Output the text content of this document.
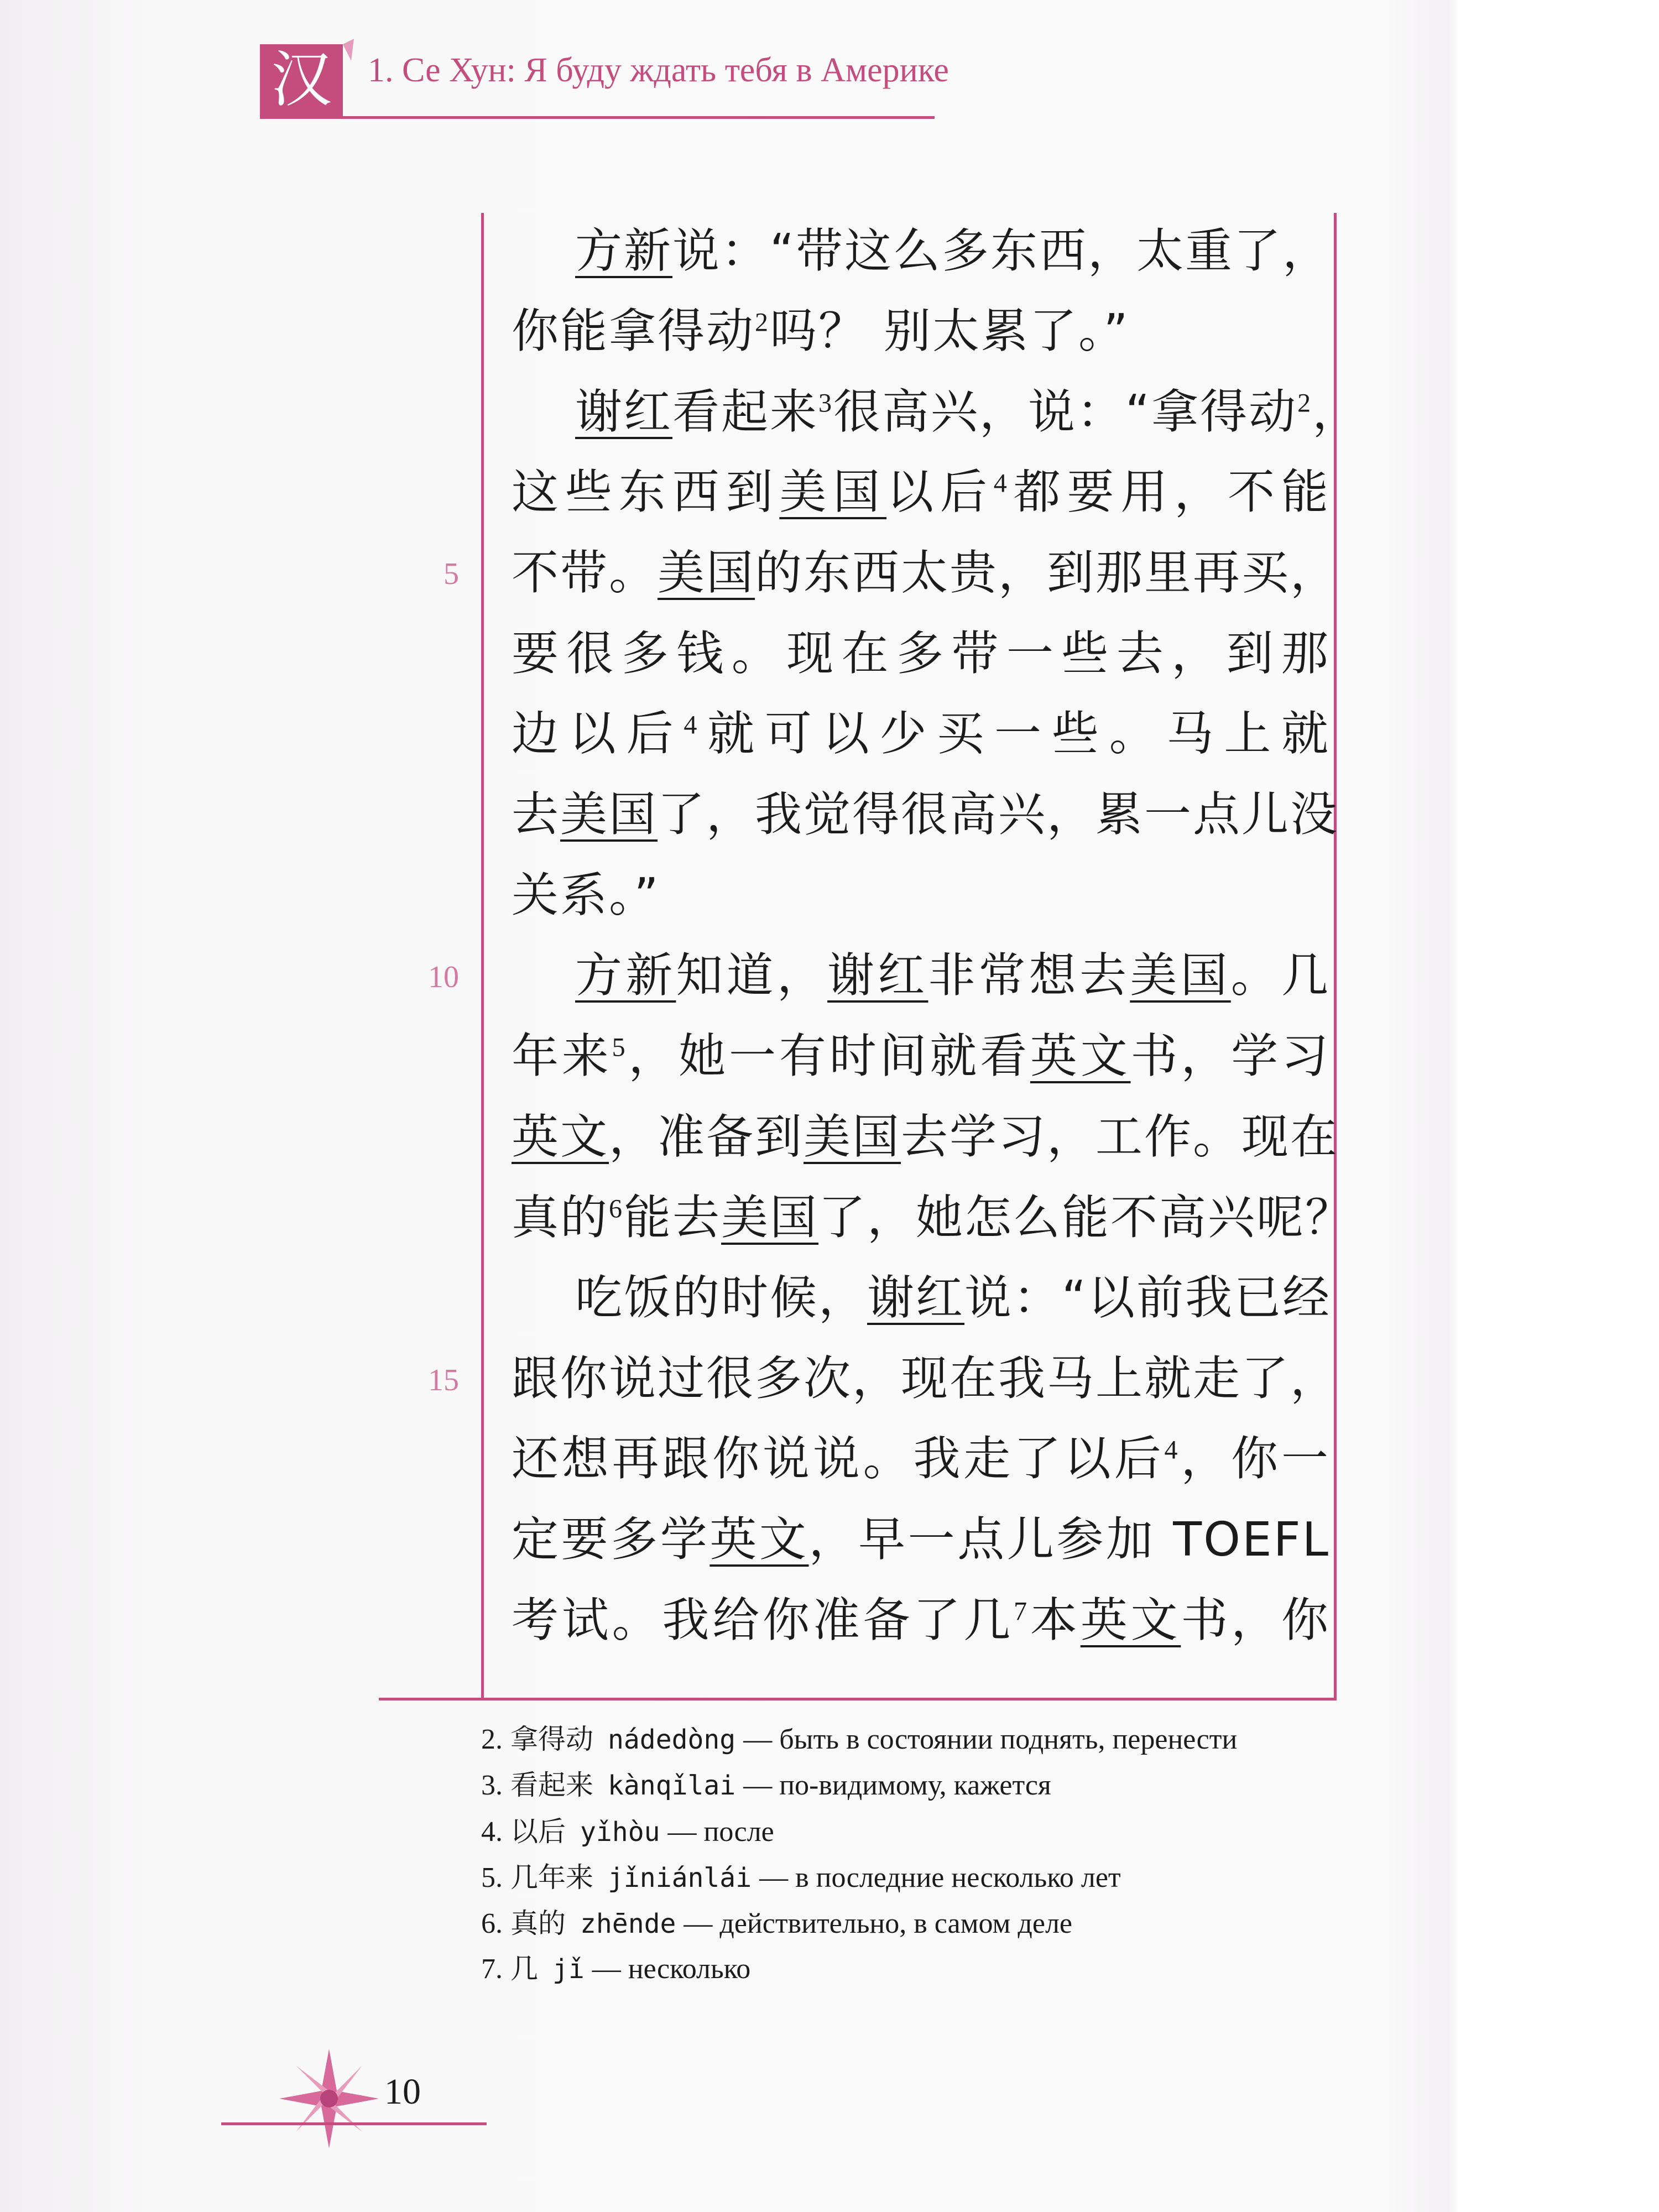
汉 1. Се Хун: Я буду ждать тебя в Америке
5
10
15
方新说：“带这么多东西，太重了，
你能拿得动$^2$吗？ 别太累了。”
谢红看起来$^3$很高兴，说：“拿得动$^2$，
这些东西到美国以后$^4$都要用，不能
不带。美国的东西太贵，到那里再买，
要很多钱。现在多带一些去，到那
边以后$^4$就可以少买一些。马上就
去美国了，我觉得很高兴，累一点儿没
关系。”
方新知道，谢红非常想去美国。几
年来$^5$，她一有时间就看英文书，学习
英文，准备到美国去学习，工作。现在
真的$^6$能去美国了，她怎么能不高兴呢？
吃饭的时候，谢红说：“以前我已经
跟你说过很多次，现在我马上就走了，
还想再跟你说说。我走了以后$^4$，你一
定要多学英文，早一点儿参加 TOEFL
考试。我给你准备了几$^7$本英文书，你
2. 拿得动 nádedòng — быть в состоянии поднять, перенести
3. 看起来 kànqǐlai — по-видимому, кажется
4. 以后 yǐhòu — после
5. 几年来 jǐniánlái — в последние несколько лет
6. 真的 zhēnde — действительно, в самом деле
7. 几 jǐ — несколько
10
